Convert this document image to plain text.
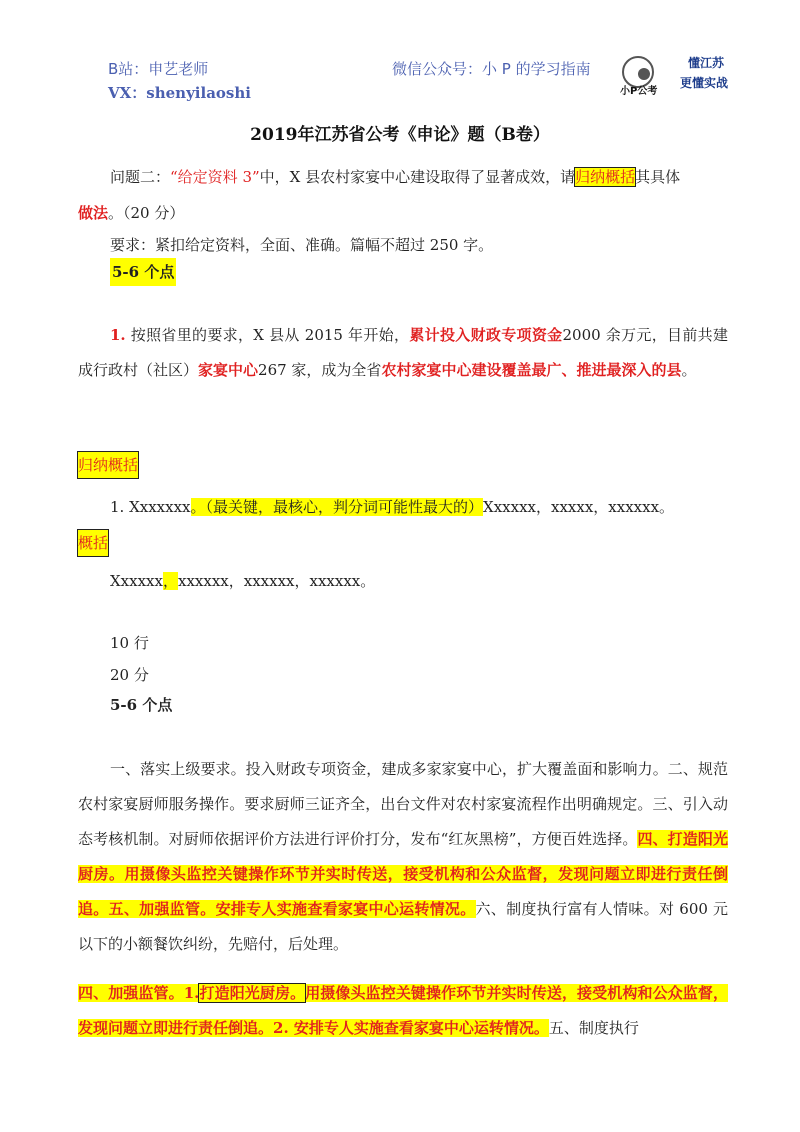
B站：申艺老师
VX：shenyilaoshi
微信公众号：小 P 的学习指南
小P公考
懂江苏
更懂实战
2019年江苏省公考《申论》题（B卷）
问题二：“给定资料 3”中，X 县农村家宴中心建设取得了显著成效，请归纳概括其具体
做法。（20 分）
要求：紧扣给定资料，全面、准确。篇幅不超过 250 字。
5-6 个点
1. 按照省里的要求，X 县从 2015 年开始，累计投入财政专项资金2000 余万元，目前共建成行政村（社区）家宴中心267 家，成为全省农村家宴中心建设覆盖最广、推进最深入的县。
归纳概括
1. Xxxxxxx。（最关键，最核心，判分词可能性最大的）Xxxxxx，xxxxx，xxxxxx。
概括
Xxxxxx，xxxxxx，xxxxxx，xxxxxx。
10 行
20 分
5-6 个点
一、落实上级要求。投入财政专项资金，建成多家家宴中心，扩大覆盖面和影响力。二、规范农村家宴厨师服务操作。要求厨师三证齐全，出台文件对农村家宴流程作出明确规定。三、引入动态考核机制。对厨师依据评价方法进行评价打分，发布“红灰黑榜”，方便百姓选择。四、打造阳光厨房。用摄像头监控关键操作环节并实时传送，接受机构和公众监督，发现问题立即进行责任倒追。五、加强监管。安排专人实施查看家宴中心运转情况。六、制度执行富有人情味。对 600 元以下的小额餐饮纠纷，先赔付，后处理。
四、加强监管。1.打造阳光厨房。用摄像头监控关键操作环节并实时传送，接受机构和公众监督，发现问题立即进行责任倒追。2. 安排专人实施查看家宴中心运转情况。五、制度执行
